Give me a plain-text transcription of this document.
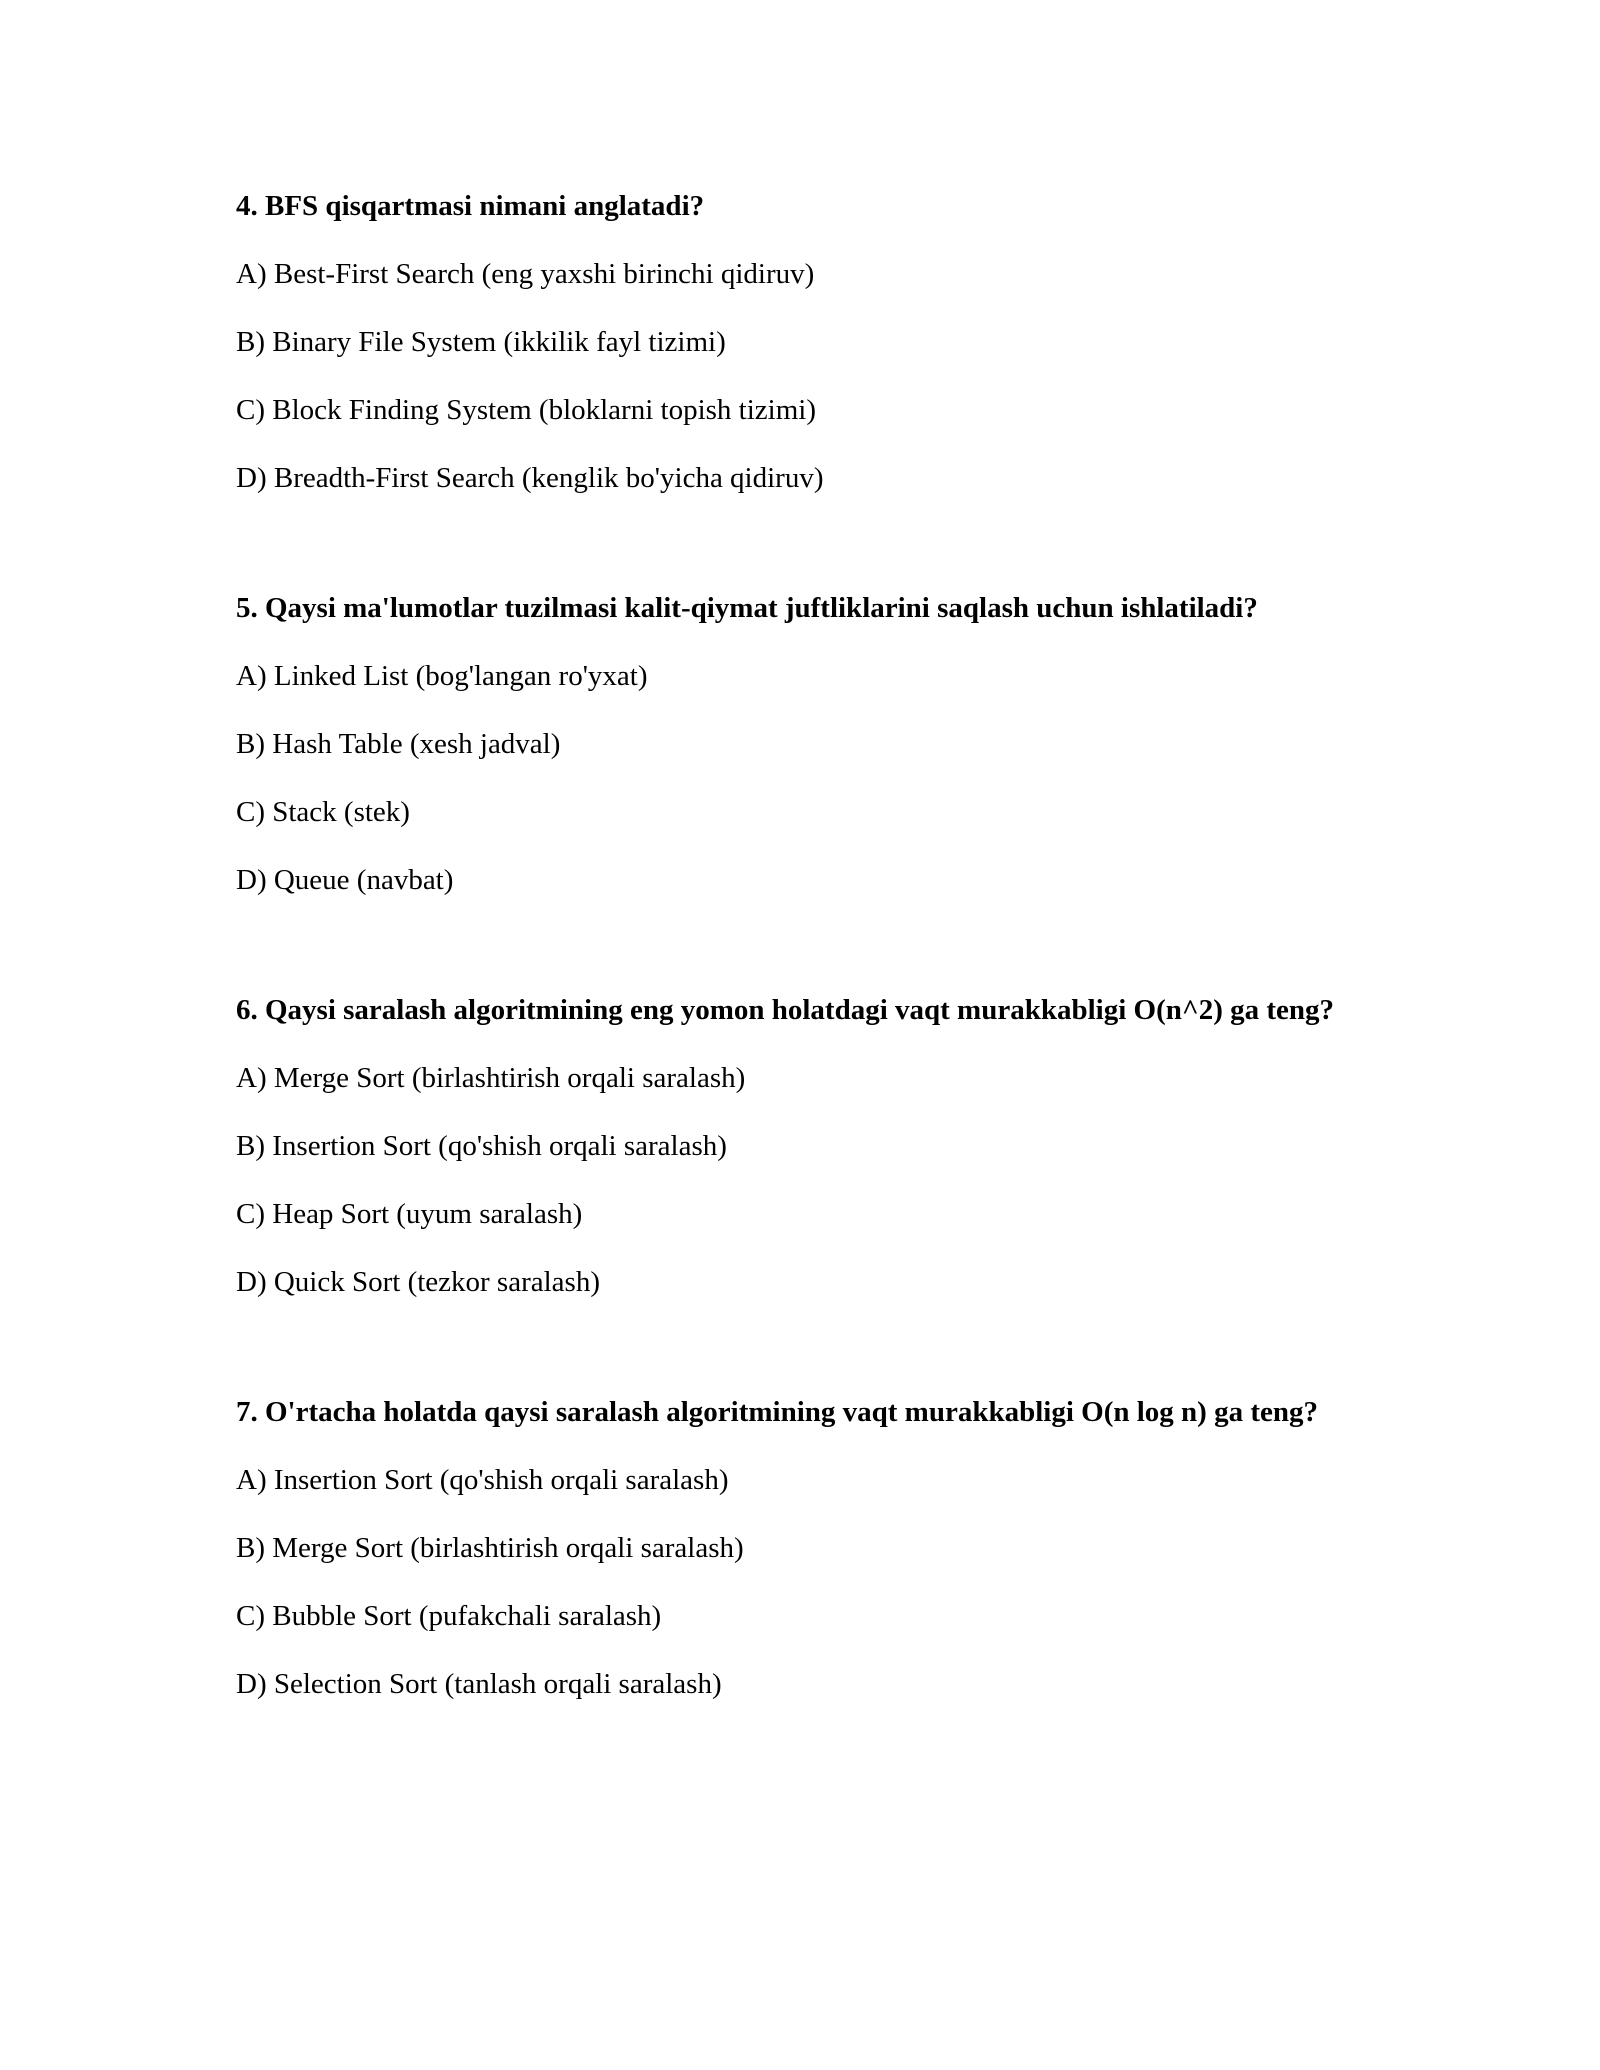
4. BFS qisqartmasi nimani anglatadi?

A) Best-First Search (eng yaxshi birinchi qidiruv)

B) Binary File System (ikkilik fayl tizimi)

C) Block Finding System (bloklarni topish tizimi)

D) Breadth-First Search (kenglik bo'yicha qidiruv)

5. Qaysi ma'lumotlar tuzilmasi kalit-qiymat juftliklarini saqlash uchun ishlatiladi?

A) Linked List (bog'langan ro'yxat)

B) Hash Table (xesh jadval)

C) Stack (stek)

D) Queue (navbat)

6. Qaysi saralash algoritmining eng yomon holatdagi vaqt murakkabligi O(n^2) ga teng?

A) Merge Sort (birlashtirish orqali saralash)

B) Insertion Sort (qo'shish orqali saralash)

C) Heap Sort (uyum saralash)

D) Quick Sort (tezkor saralash)

7. O'rtacha holatda qaysi saralash algoritmining vaqt murakkabligi O(n log n) ga teng?

A) Insertion Sort (qo'shish orqali saralash)

B) Merge Sort (birlashtirish orqali saralash)

C) Bubble Sort (pufakchali saralash)

D) Selection Sort (tanlash orqali saralash)
